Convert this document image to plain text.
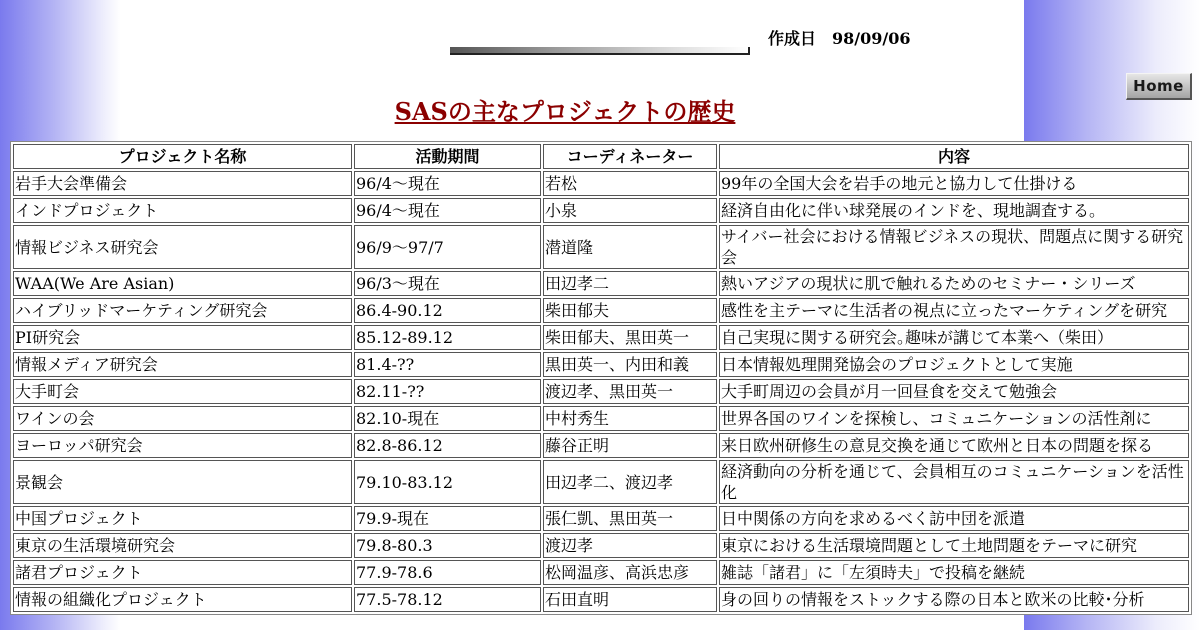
作成日 98/09/06
Home
SASの主なプロジェクトの歴史
プロジェクト名称	活動期間	コーディネーター	内容
岩手大会準備会	96/4～現在	若松	99年の全国大会を岩手の地元と協力して仕掛ける
インドプロジェクト	96/4～現在	小泉	経済自由化に伴い球発展のインドを、現地調査する。
情報ビジネス研究会	96/9～97/7	潜道隆	サイバー社会における情報ビジネスの現状、問題点に関する研究会
WAA(We Are Asian)	96/3～現在	田辺孝二	熱いアジアの現状に肌で触れるためのセミナー・シリーズ
ハイブリッドマーケティング研究会	86.4-90.12	柴田郁夫	感性を主テーマに生活者の視点に立ったマーケティングを研究
PI研究会	85.12-89.12	柴田郁夫、黒田英一	自己実現に関する研究会｡趣味が講じて本業へ（柴田）
情報メディア研究会	81.4-??	黒田英一、内田和義	日本情報処理開発協会のプロジェクトとして実施
大手町会	82.11-??	渡辺孝、黒田英一	大手町周辺の会員が月一回昼食を交えて勉強会
ワインの会	82.10-現在	中村秀生	世界各国のワインを探検し、コミュニケーションの活性剤に
ヨーロッパ研究会	82.8-86.12	藤谷正明	来日欧州研修生の意見交換を通じて欧州と日本の問題を探る
景観会	79.10-83.12	田辺孝二、渡辺孝	経済動向の分析を通じて、会員相互のコミュニケーションを活性化
中国プロジェクト	79.9-現在	張仁凱、黒田英一	日中関係の方向を求めるべく訪中団を派遣
東京の生活環境研究会	79.8-80.3	渡辺孝	東京における生活環境問題として土地問題をテーマに研究
諸君プロジェクト	77.9-78.6	松岡温彦、高浜忠彦	雑誌「諸君」に「左須時夫」で投稿を継続
情報の組織化プロジェクト	77.5-78.12	石田直明	身の回りの情報をストックする際の日本と欧米の比較･分析
